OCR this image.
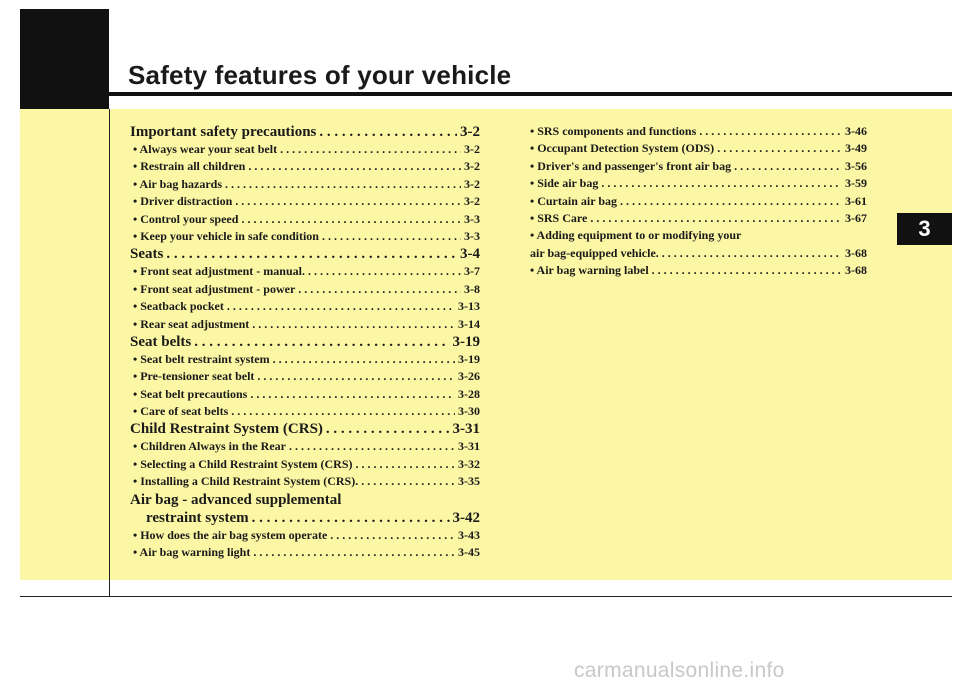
Safety features of your vehicle
3
Important safety precautions . . .	3-2
• Always wear your seat belt . . .	3-2
• Restrain all children . . .	3-2
• Air bag hazards . . .	3-2
• Driver distraction . . .	3-2
• Control your speed . . .	3-3
• Keep your vehicle in safe condition . . .	3-3
Seats . . .	3-4
• Front seat adjustment - manual. . . .	3-7
• Front seat adjustment - power . . .	3-8
• Seatback pocket . . .	3-13
• Rear seat adjustment . . .	3-14
Seat belts . . .	3-19
• Seat belt restraint system . . .	3-19
• Pre-tensioner seat belt . . .	3-26
• Seat belt precautions . . .	3-28
• Care of seat belts . . .	3-30
Child Restraint System (CRS) . . .	3-31
• Children Always in the Rear . . .	3-31
• Selecting a Child Restraint System (CRS) . . .	3-32
• Installing a Child Restraint System (CRS). . . .	3-35
Air bag - advanced supplemental
restraint system . . .	3-42
• How does the air bag system operate . . .	3-43
• Air bag warning light . . .	3-45
• SRS components and functions . . .	3-46
• Occupant Detection System (ODS) . . .	3-49
• Driver's and passenger's front air bag . . .	3-56
• Side air bag . . .	3-59
• Curtain air bag . . .	3-61
• SRS Care . . .	3-67
• Adding equipment to or modifying your
air bag-equipped vehicle. . . .	3-68
• Air bag warning label . . .	3-68
carmanualsonline.info
